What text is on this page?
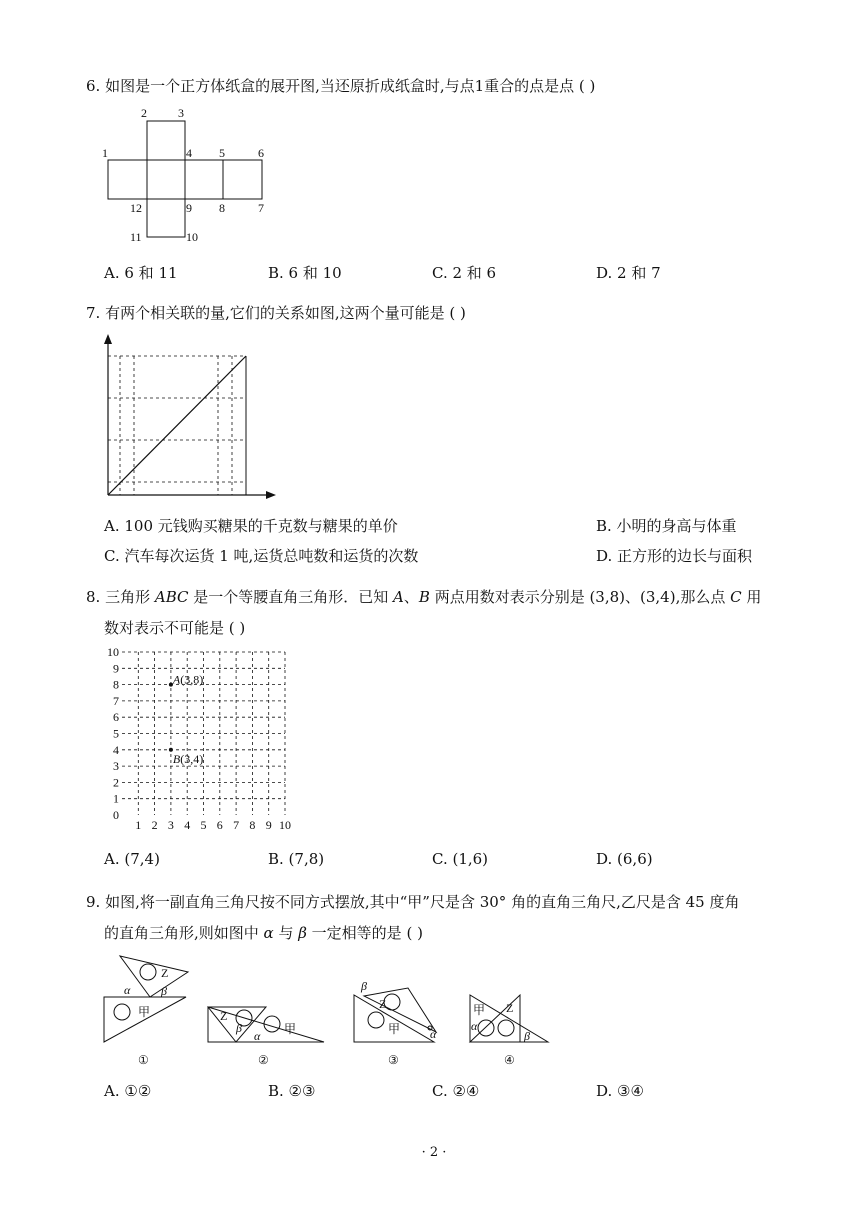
6. 如图是一个正方体纸盒的展开图,当还原折成纸盒时,与点1重合的点是点 ( )
1
2	3
4 5	6
7
8
9
10
11
12
A. 6 和 11	B. 6 和 10	C. 2 和 6	D. 2 和 7
7. 有两个相关联的量,它们的关系如图,这两个量可能是 ( )
A. 100 元钱购买糖果的千克数与糖果的单价	B. 小明的身高与体重
C. 汽车每次运货 1 吨,运货总吨数和运货的次数	D. 正方形的边长与面积
8. 三角形 ABC 是一个等腰直角三角形．已知 A、B 两点用数对表示分别是 (3,8)、(3,4),那么点 C 用
数对表示不可能是 ( )
10
9
8
7
6
5
4
3
2
1
0
1 2 3 4 5 6 7 8 9 10
A(3,8)
B(3,4)
A. (7,4)	B. (7,8)	C. (1,6)	D. (6,6)
9. 如图,将一副直角三角尺按不同方式摆放,其中“甲”尺是含 30° 角的直角三角尺,乙尺是含 45 度角
的直角三角形,则如图中 α 与 β 一定相等的是 ( )
甲
Z
α	β
①
Z
甲
β
α
②
Z
甲
β
α
③
甲 Z
α
β
④
A. ①②	B. ②③	C. ②④	D. ③④
· 2 ·
